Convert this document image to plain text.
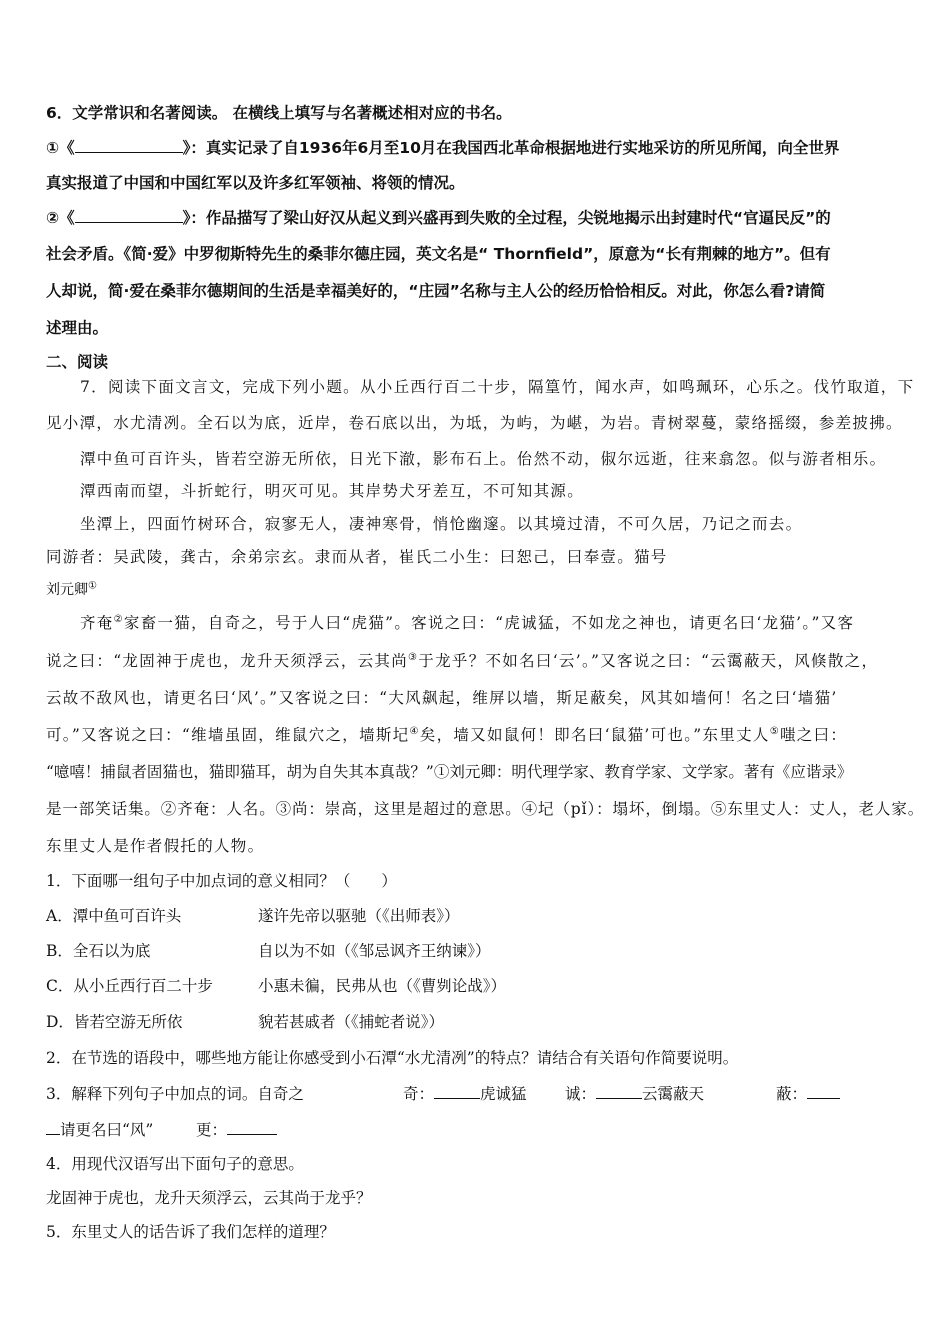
6．文学常识和名著阅读。 在横线上填写与名著概述相对应的书名。
①《	》：真实记录了自1936年6月至10月在我国西北革命根据地进行实地采访的所见所闻，向全世界
真实报道了中国和中国红军以及许多红军领袖、将领的情况。
②《	》：作品描写了梁山好汉从起义到兴盛再到失败的全过程，尖锐地揭示出封建时代“官逼民反”的
社会矛盾。《简·爱》中罗彻斯特先生的桑菲尔德庄园，英文名是“ Thornfield”，原意为“长有荆棘的地方”。但有
人却说，简·爱在桑菲尔德期间的生活是幸福美好的，“庄园”名称与主人公的经历恰恰相反。对此，你怎么看?请简
述理由。
二、阅读
7．阅读下面文言文，完成下列小题。从小丘西行百二十步，隔篁竹，闻水声，如鸣珮环，心乐之。伐竹取道，下
见小潭，水尤清冽。全石以为底，近岸，卷石底以出，为坻，为屿，为嵁，为岩。青树翠蔓，蒙络摇缀，参差披拂。
潭中鱼可百许头，皆若空游无所依，日光下澈，影布石上。佁然不动，俶尔远逝，往来翕忽。似与游者相乐。
潭西南而望，斗折蛇行，明灭可见。其岸势犬牙差互，不可知其源。
坐潭上，四面竹树环合，寂寥无人，凄神寒骨，悄怆幽邃。以其境过清，不可久居，乃记之而去。
同游者：吴武陵，龚古，余弟宗玄。隶而从者，崔氏二小生：曰恕己，曰奉壹。猫号
刘元卿①
齐奄②家畜一猫，自奇之，号于人曰“虎猫”。客说之曰：“虎诚猛，不如龙之神也，请更名曰‘龙猫’。”又客
说之曰：“龙固神于虎也，龙升天须浮云，云其尚③于龙乎？不如名曰‘云’。”又客说之曰：“云霭蔽天，风倏散之，
云故不敌风也，请更名曰‘风’。”又客说之曰：“大风飙起，维屏以墙，斯足蔽矣，风其如墙何！名之曰‘墙猫’
可。”又客说之曰：“维墙虽固，维鼠穴之，墙斯圮④矣，墙又如鼠何！即名曰‘鼠猫’可也。”东里丈人⑤嗤之曰：
“噫嘻！捕鼠者固猫也，猫即猫耳，胡为自失其本真哉？”①刘元卿：明代理学家、教育学家、文学家。著有《应谐录》
是一部笑话集。②齐奄：人名。③尚：崇高，这里是超过的意思。④圮（pǐ）：塌坏，倒塌。⑤东里丈人：丈人，老人家。
东里丈人是作者假托的人物。
1．下面哪一组句子中加点词的意义相同？（　　）
A．潭中鱼可百许头	遂许先帝以驱驰（《出师表》）
B．全石以为底	自以为不如（《邹忌讽齐王纳谏》）
C．从小丘西行百二十步	小惠未徧，民弗从也（《曹刿论战》）
D．皆若空游无所依	貌若甚戚者（《捕蛇者说》）
2．在节选的语段中，哪些地方能让你感受到小石潭“水尤清冽”的特点？请结合有关语句作简要说明。
3．解释下列句子中加点的词。自奇之	奇：	虎诚猛 诚：	云霭蔽天	蔽：
请更名曰“风”	更：
4．用现代汉语写出下面句子的意思。
龙固神于虎也，龙升天须浮云，云其尚于龙乎？
5．东里丈人的话告诉了我们怎样的道理？
